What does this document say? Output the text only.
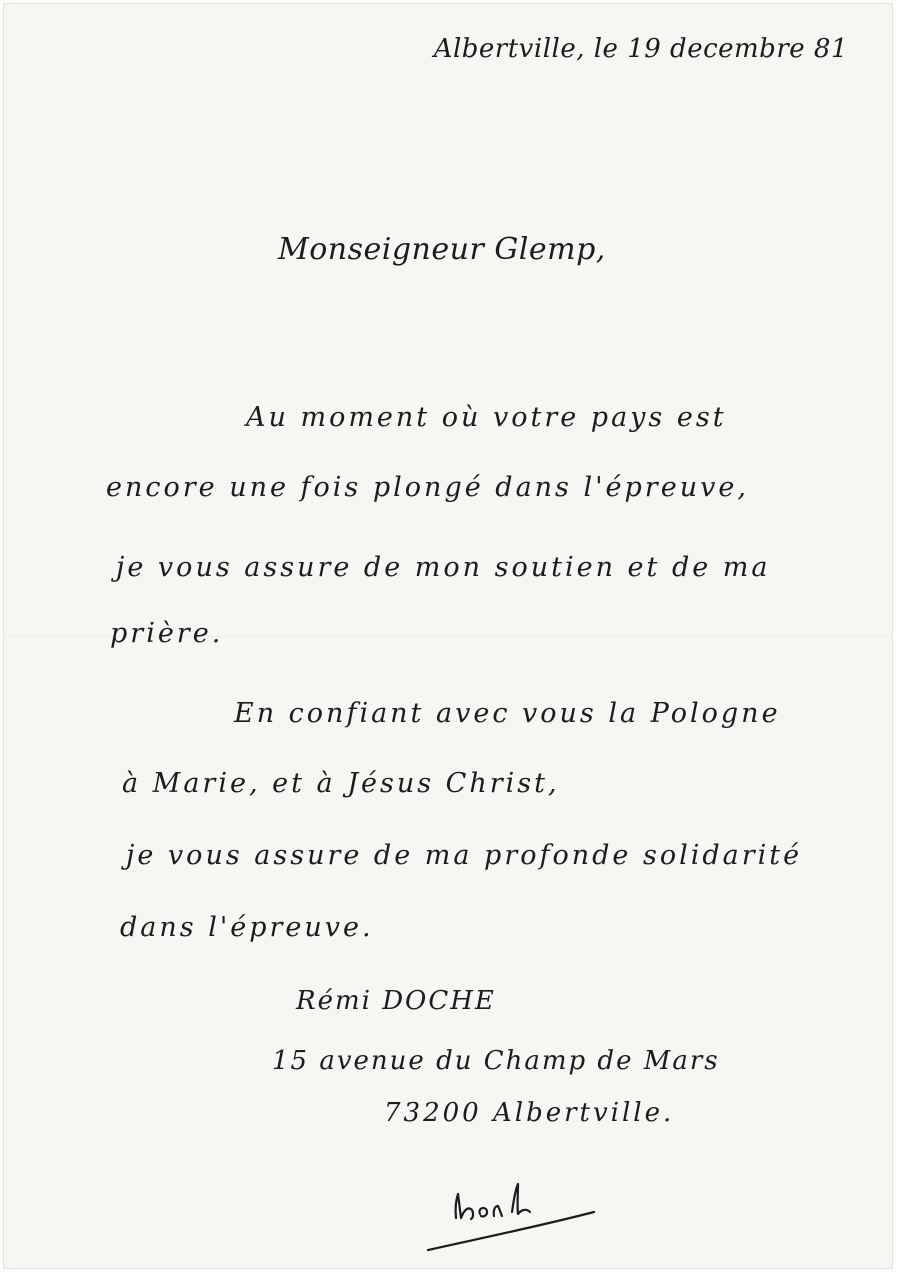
Albertville, le 19 decembre 81
Monseigneur Glemp,
Au moment où votre pays est
encore une fois plongé dans l'épreuve,
je vous assure de mon soutien et de ma
prière.
En confiant avec vous la Pologne
à Marie, et à Jésus Christ,
je vous assure de ma profonde solidarité
dans l'épreuve.
Rémi DOCHE
15 avenue du Champ de Mars
73200 Albertville.
